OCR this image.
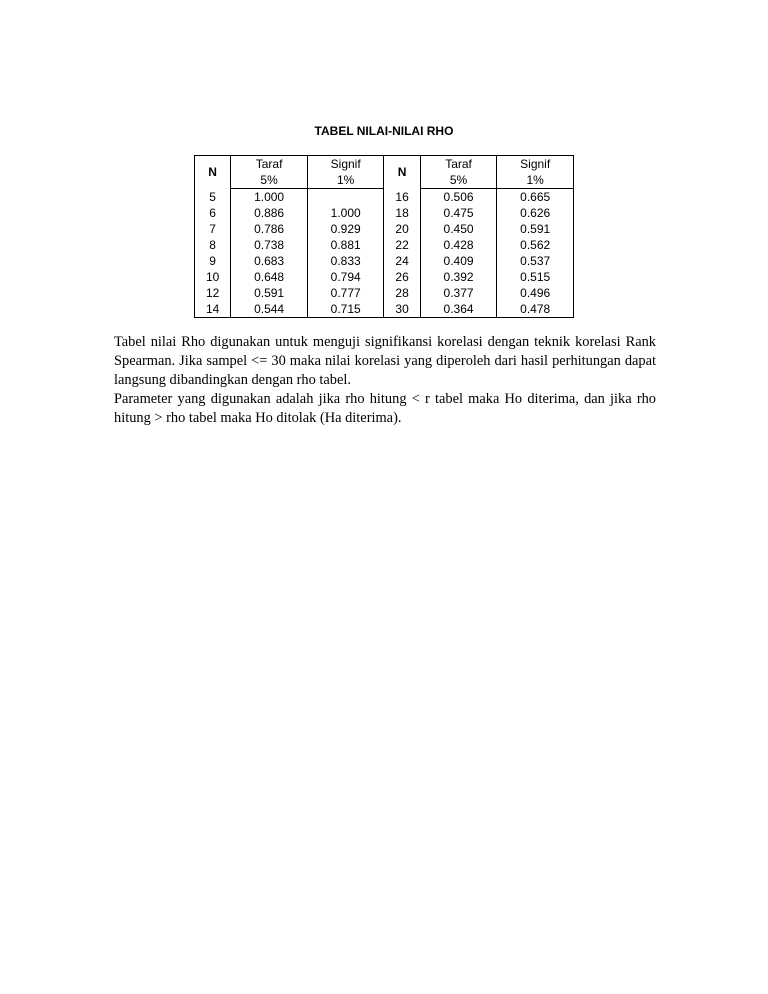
TABEL NILAI-NILAI RHO
N	Taraf	Signif	N	Taraf	Signif
	5%	1%		5%	1%
5	1.000		16	0.506	0.665
6	0.886	1.000	18	0.475	0.626
7	0.786	0.929	20	0.450	0.591
8	0.738	0.881	22	0.428	0.562
9	0.683	0.833	24	0.409	0.537
10	0.648	0.794	26	0.392	0.515
12	0.591	0.777	28	0.377	0.496
14	0.544	0.715	30	0.364	0.478

Tabel nilai Rho digunakan untuk menguji signifikansi korelasi dengan teknik korelasi Rank Spearman. Jika sampel <= 30 maka nilai korelasi yang diperoleh dari hasil perhitungan dapat langsung dibandingkan dengan rho tabel.

Parameter yang digunakan adalah jika rho hitung < r tabel maka Ho diterima, dan jika rho hitung > rho tabel maka Ho ditolak (Ha diterima).
